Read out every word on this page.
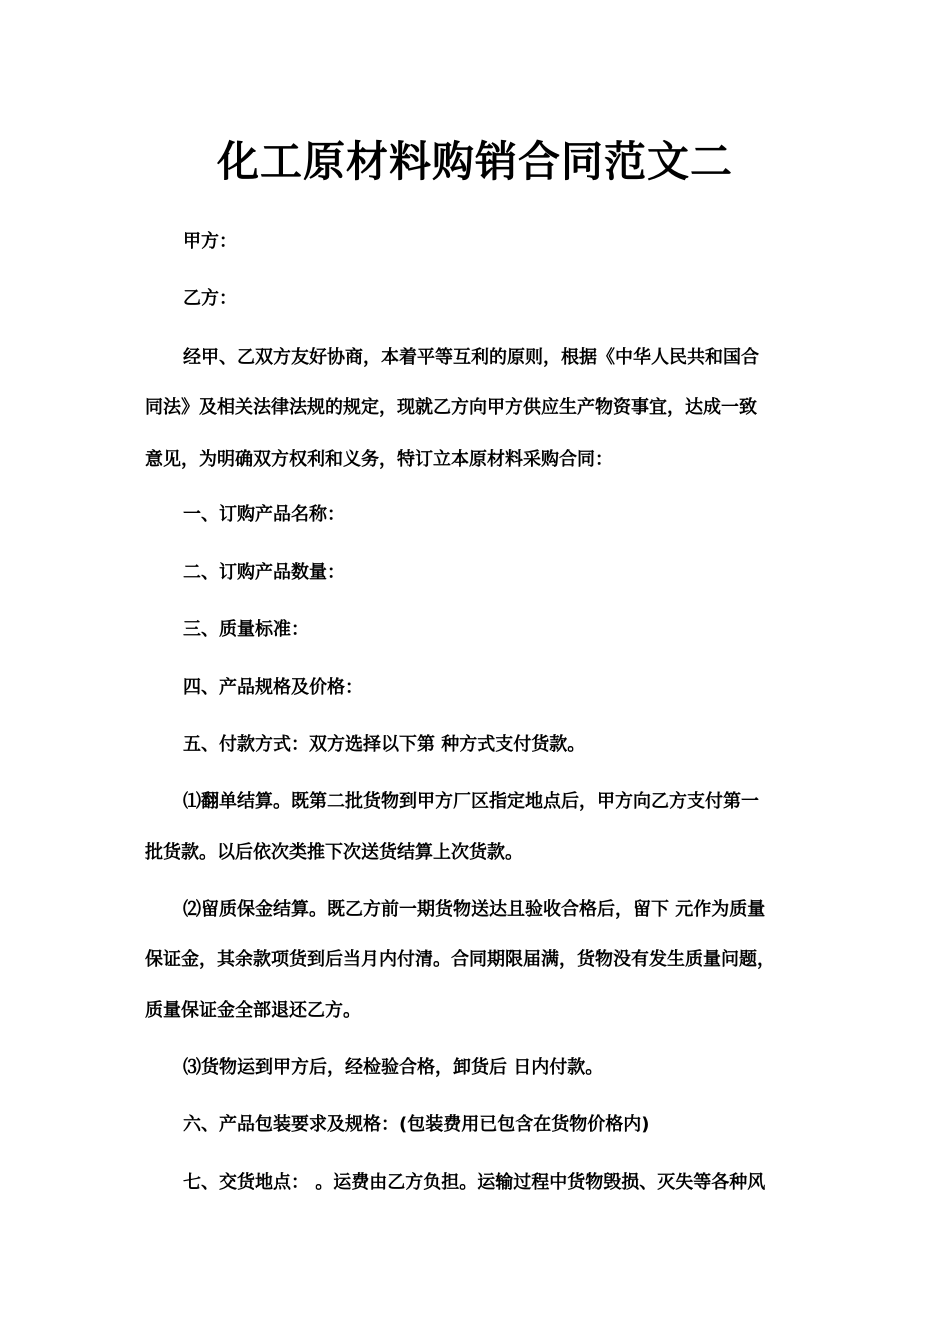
化工原材料购销合同范文二
甲方：
乙方：
经甲、乙双方友好协商，本着平等互利的原则，根据《中华人民共和国合
同法》及相关法律法规的规定，现就乙方向甲方供应生产物资事宜，达成一致
意见，为明确双方权利和义务，特订立本原材料采购合同：
一、订购产品名称：
二、订购产品数量：
三、质量标准：
四、产品规格及价格：
五、付款方式：双方选择以下第 种方式支付货款。
⑴翻单结算。既第二批货物到甲方厂区指定地点后，甲方向乙方支付第一
批货款。以后依次类推下次送货结算上次货款。
⑵留质保金结算。既乙方前一期货物送达且验收合格后，留下 元作为质量
保证金，其余款项货到后当月内付清。合同期限届满，货物没有发生质量问题，
质量保证金全部退还乙方。
⑶货物运到甲方后，经检验合格，卸货后 日内付款。
六、产品包装要求及规格：(包装费用已包含在货物价格内)
七、交货地点： 。运费由乙方负担。运输过程中货物毁损、灭失等各种风
